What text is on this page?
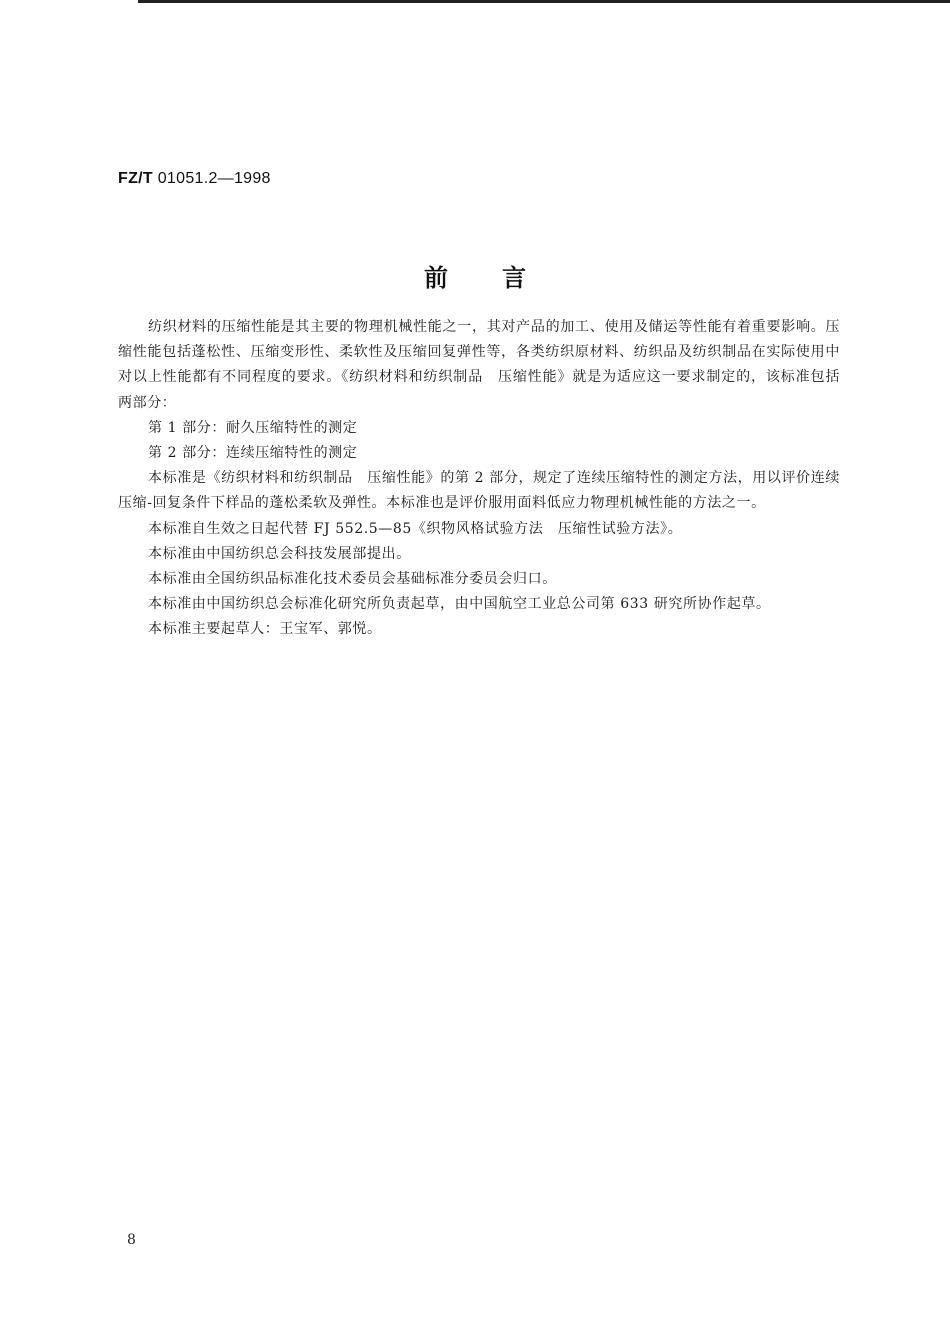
FZ/T 01051.2—1998
前言

纺织材料的压缩性能是其主要的物理机械性能之一，其对产品的加工、使用及储运等性能有着重要影响。压缩性能包括蓬松性、压缩变形性、柔软性及压缩回复弹性等，各类纺织原材料、纺织品及纺织制品在实际使用中对以上性能都有不同程度的要求。《纺织材料和纺织制品　压缩性能》就是为适应这一要求制定的，该标准包括两部分：

第 1 部分：耐久压缩特性的测定

第 2 部分：连续压缩特性的测定

本标准是《纺织材料和纺织制品　压缩性能》的第 2 部分，规定了连续压缩特性的测定方法，用以评价连续压缩-回复条件下样品的蓬松柔软及弹性。本标准也是评价服用面料低应力物理机械性能的方法之一。

本标准自生效之日起代替 FJ 552.5—85《织物风格试验方法　压缩性试验方法》。

本标准由中国纺织总会科技发展部提出。

本标准由全国纺织品标准化技术委员会基础标准分委员会归口。

本标准由中国纺织总会标准化研究所负责起草，由中国航空工业总公司第 633 研究所协作起草。

本标准主要起草人：王宝军、郭悦。

8
